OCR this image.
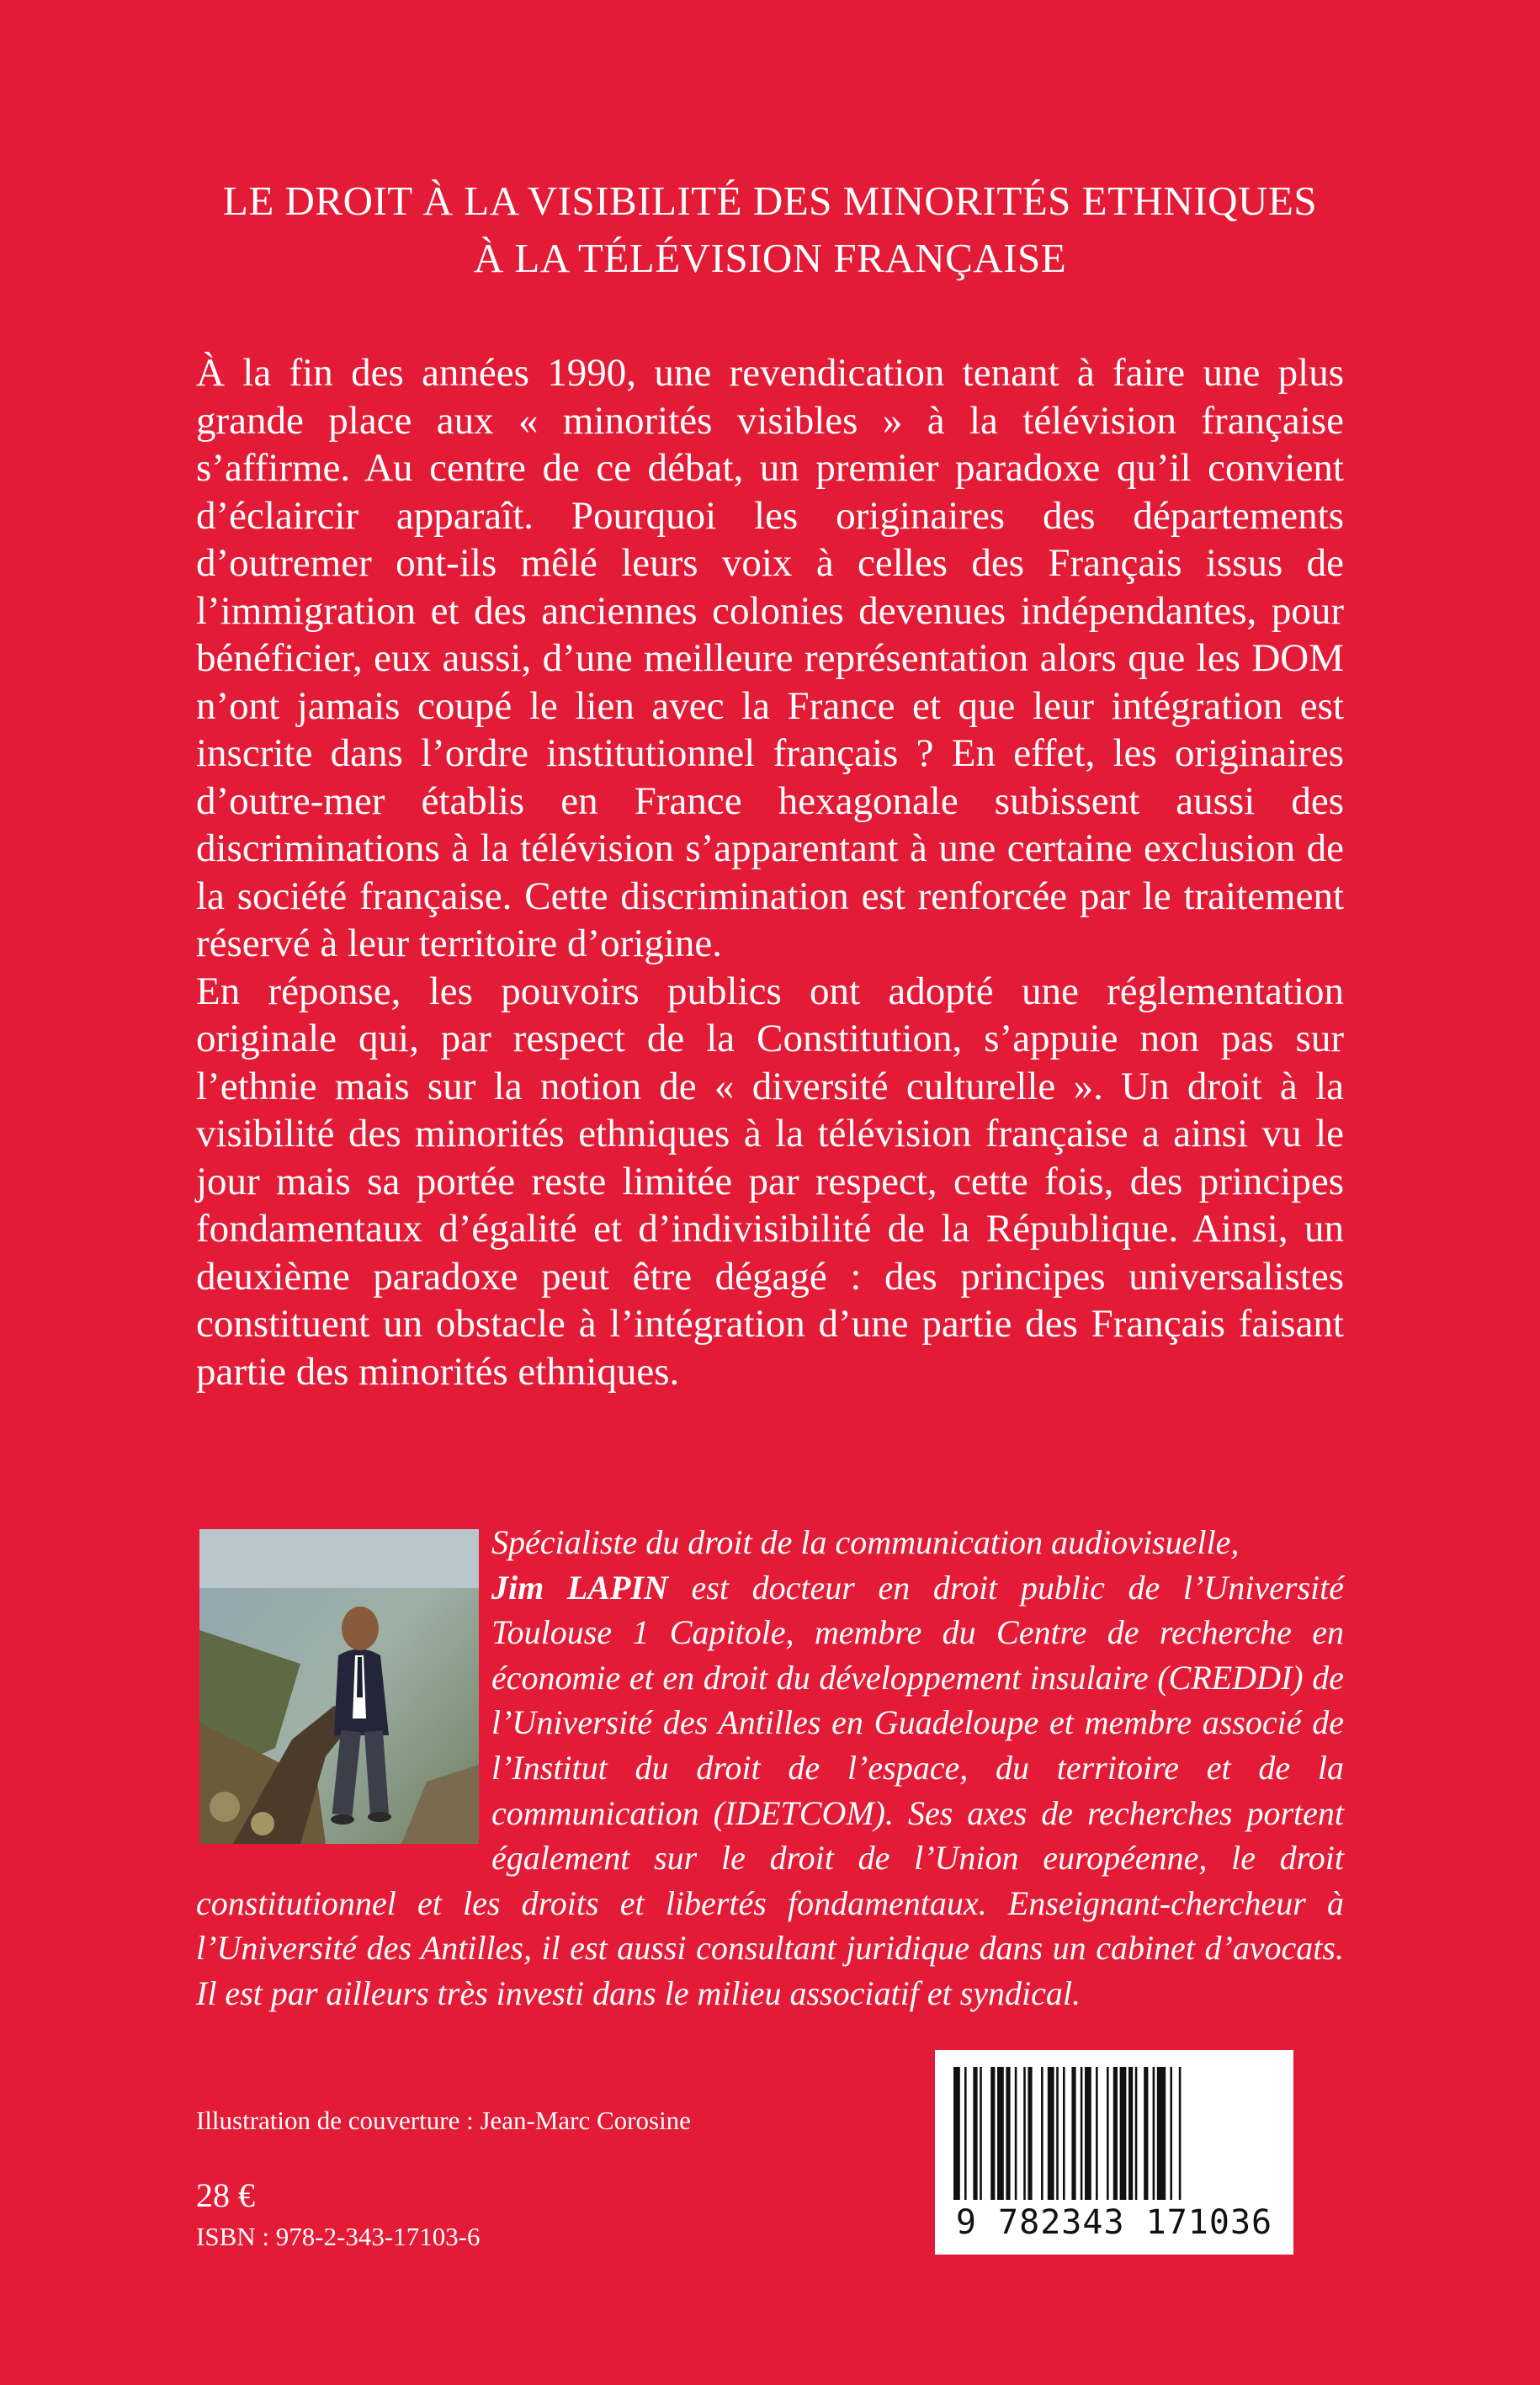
LE DROIT À LA VISIBILITÉ DES MINORITÉS ETHNIQUES
À LA TÉLÉVISION FRANÇAISE

À la fin des années 1990, une revendication tenant à faire une plus grande place aux « minorités visibles » à la télévision française s’affirme. Au centre de ce débat, un premier paradoxe qu’il convient d’éclaircir apparaît. Pourquoi les originaires des départements d’outremer ont-ils mêlé leurs voix à celles des Français issus de l’immigration et des anciennes colonies devenues indépendantes, pour bénéficier, eux aussi, d’une meilleure représentation alors que les DOM n’ont jamais coupé le lien avec la France et que leur intégration est inscrite dans l’ordre institutionnel français ? En effet, les originaires d’outre-mer établis en France hexagonale subissent aussi des discriminations à la télévision s’apparentant à une certaine exclusion de la société française. Cette discrimination est renforcée par le traitement réservé à leur territoire d’origine.

En réponse, les pouvoirs publics ont adopté une réglementation originale qui, par respect de la Constitution, s’appuie non pas sur l’ethnie mais sur la notion de « diversité culturelle ». Un droit à la visibilité des minorités ethniques à la télévision française a ainsi vu le jour mais sa portée reste limitée par respect, cette fois, des principes fondamentaux d’égalité et d’indivisibilité de la République. Ainsi, un deuxième paradoxe peut être dégagé : des principes universalistes constituent un obstacle à l’intégration d’une partie des Français faisant partie des minorités ethniques.

Spécialiste du droit de la communication audiovisuelle,
Jim LAPIN est docteur en droit public de l’Université Toulouse 1 Capitole, membre du Centre de recherche en économie et en droit du développement insulaire (CREDDI) de l’Université des Antilles en Guadeloupe et membre associé de l’Institut du droit de l’espace, du territoire et de la communication (IDETCOM). Ses axes de recherches portent également sur le droit de l’Union européenne, le droit constitutionnel et les droits et libertés fondamentaux. Enseignant-chercheur à l’Université des Antilles, il est aussi consultant juridique dans un cabinet d’avocats. Il est par ailleurs très investi dans le milieu associatif et syndical.

Illustration de couverture : Jean-Marc Corosine
28 €
ISBN : 978-2-343-17103-6	9 782343 171036
